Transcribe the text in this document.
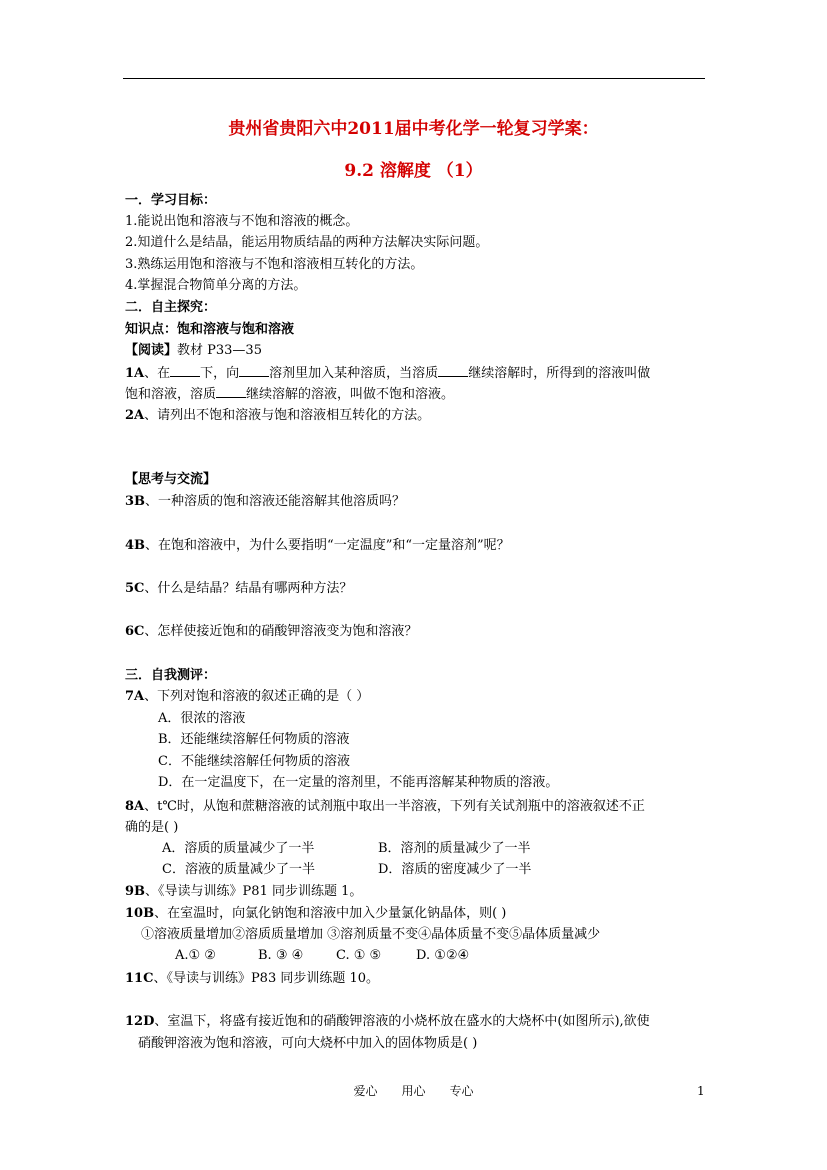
贵州省贵阳六中2011届中考化学一轮复习学案：
9.2 溶解度 （1）
一．学习目标：
1.能说出饱和溶液与不饱和溶液的概念。
2.知道什么是结晶，能运用物质结晶的两种方法解决实际问题。
3.熟练运用饱和溶液与不饱和溶液相互转化的方法。
4.掌握混合物简单分离的方法。
二．自主探究：
知识点：饱和溶液与饱和溶液
【阅读】教材 P33—35
1A、在 下，向 溶剂里加入某种溶质，当溶质 继续溶解时，所得到的溶液叫做
饱和溶液，溶质 继续溶解的溶液，叫做不饱和溶液。
2A、请列出不饱和溶液与饱和溶液相互转化的方法。
【思考与交流】
3B、一种溶质的饱和溶液还能溶解其他溶质吗？
4B、在饱和溶液中，为什么要指明“一定温度”和“一定量溶剂”呢？
5C、什么是结晶？结晶有哪两种方法？
6C、怎样使接近饱和的硝酸钾溶液变为饱和溶液？
三．自我测评：
7A、下列对饱和溶液的叙述正确的是（ ）
A．很浓的溶液
B．还能继续溶解任何物质的溶液
C．不能继续溶解任何物质的溶液
D．在一定温度下，在一定量的溶剂里，不能再溶解某种物质的溶液。
8A、t℃时，从饱和蔗糖溶液的试剂瓶中取出一半溶液，下列有关试剂瓶中的溶液叙述不正
确的是( )
A．溶质的质量减少了一半	B．溶剂的质量减少了一半
C．溶液的质量减少了一半	D．溶质的密度减少了一半
9B、《导读与训练》P81 同步训练题 1。
10B、在室温时，向氯化钠饱和溶液中加入少量氯化钠晶体，则( )
①溶液质量增加②溶质质量增加 ③溶剂质量不变④晶体质量不变⑤晶体质量减少
A.① ②	B. ③ ④	C. ① ⑤	D. ①②④
11C、《导读与训练》P83 同步训练题 10。
12D、室温下，将盛有接近饱和的硝酸钾溶液的小烧杯放在盛水的大烧杯中(如图所示),欲使
硝酸钾溶液为饱和溶液，可向大烧杯中加入的固体物质是( )
爱心 用心 专心	1
